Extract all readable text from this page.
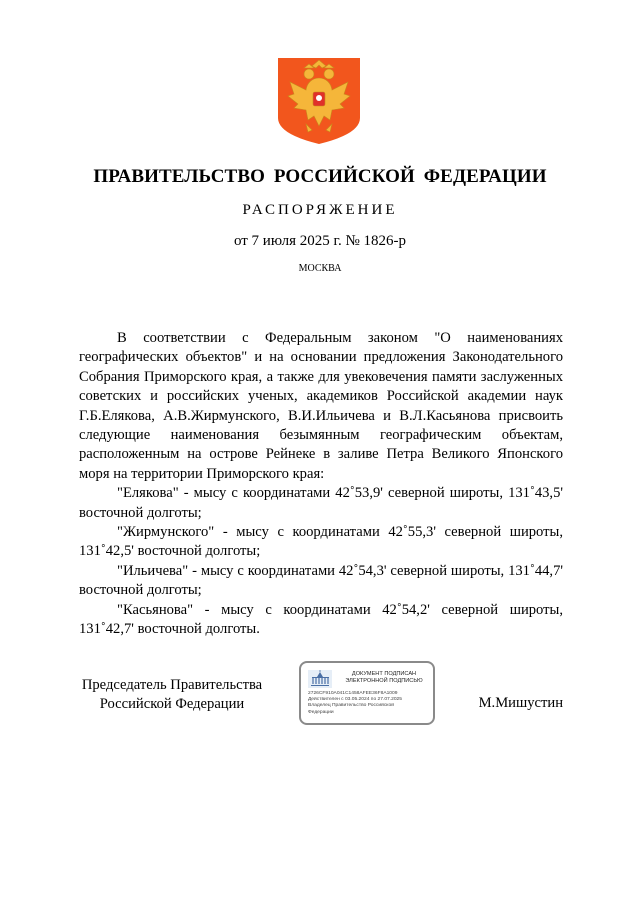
ПРАВИТЕЛЬСТВО РОССИЙСКОЙ ФЕДЕРАЦИИ
РАСПОРЯЖЕНИЕ
от 7 июля 2025 г. № 1826-р
МОСКВА

В соответствии с Федеральным законом "О наименованиях географических объектов" и на основании предложения Законодательного Собрания Приморского края, а также для увековечения памяти заслуженных советских и российских ученых, академиков Российской академии наук Г.Б.Елякова, А.В.Жирмунского, В.И.Ильичева и В.Л.Касьянова присвоить следующие наименования безымянным географическим объектам, расположенным на острове Рейнеке в заливе Петра Великого Японского моря на территории Приморского края:

"Елякова" - мысу с координатами 42˚53,9' северной широты, 131˚43,5' восточной долготы;

"Жирмунского" - мысу с координатами 42˚55,3' северной широты, 131˚42,5' восточной долготы;

"Ильичева" - мысу с координатами 42˚54,3' северной широты, 131˚44,7' восточной долготы;

"Касьянова" - мысу с координатами 42˚54,2' северной широты, 131˚42,7' восточной долготы.

Председатель Правительства
Российской Федерации
ДОКУМЕНТ ПОДПИСАН
ЭЛЕКТРОННОЙ ПОДПИСЬЮ
2726CF910A041C1458AFEE36F8A1009
Действителен с 03.05.2024 по 27.07.2025
Владелец Правительство Российской
Федерации
М.Мишустин
